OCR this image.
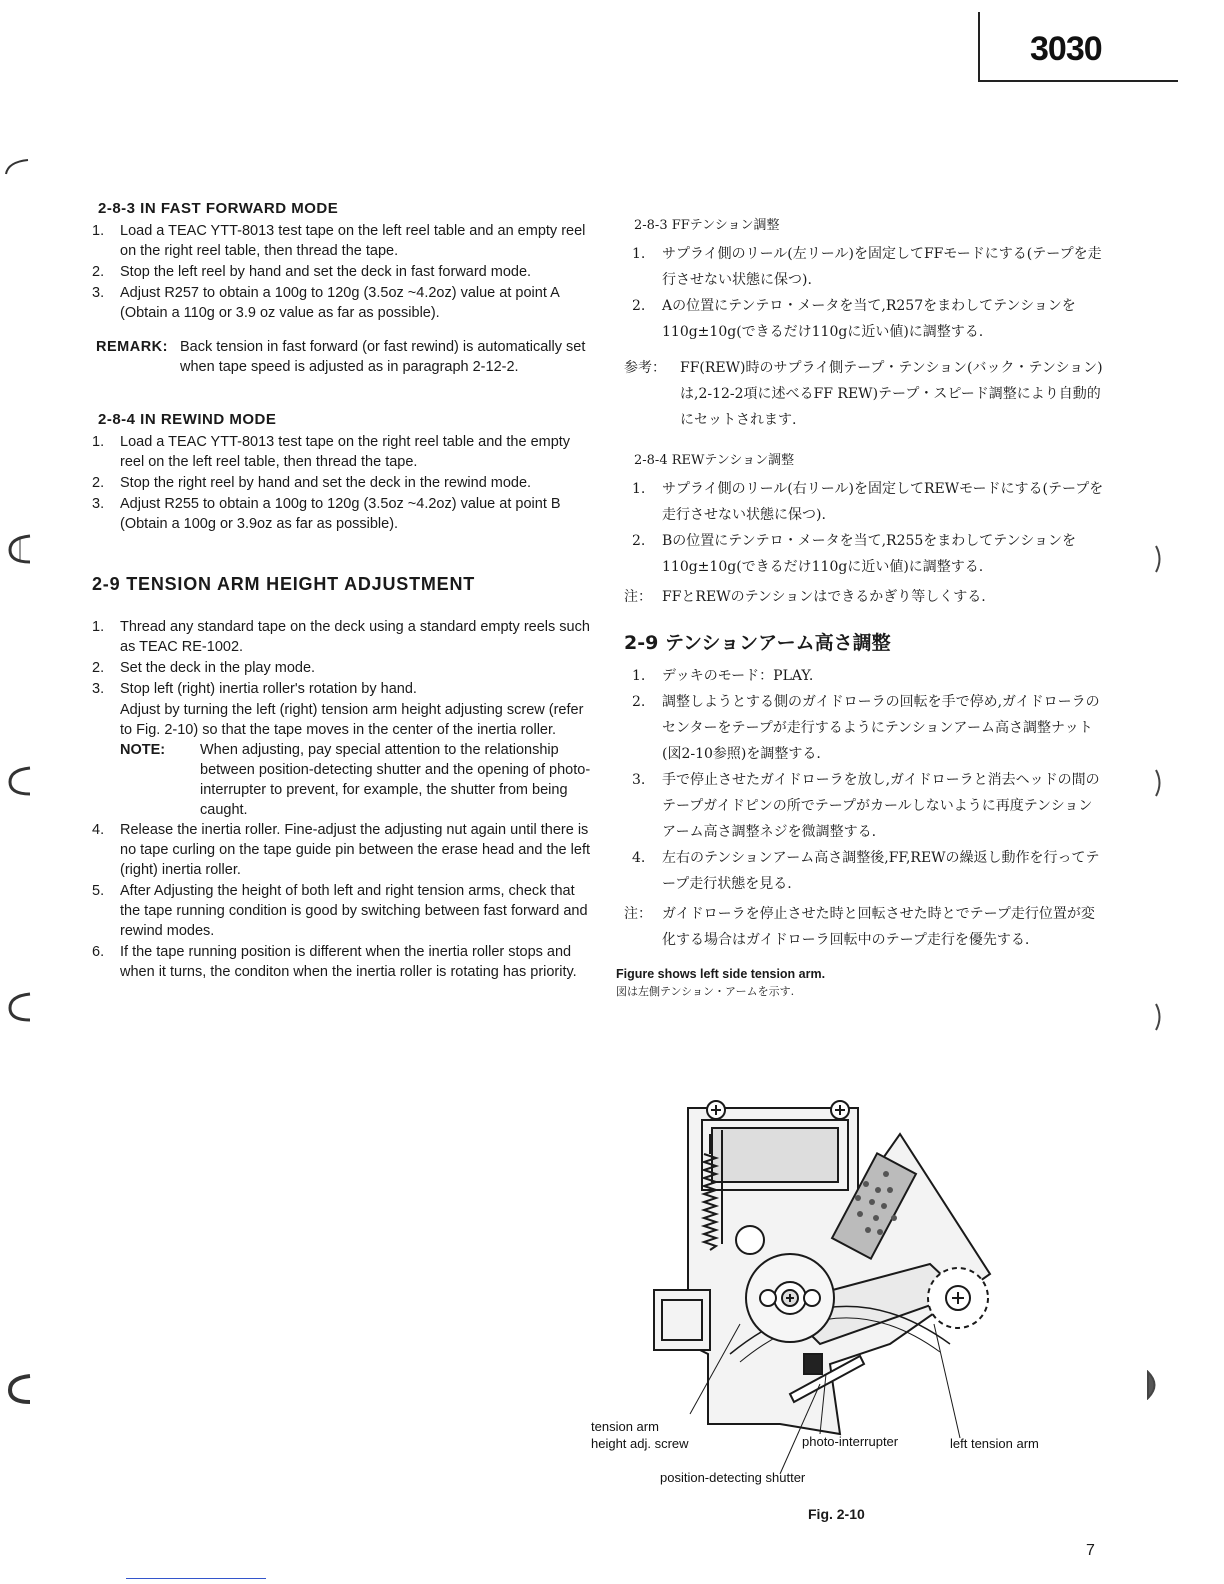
3030
2-8-3 IN FAST FORWARD MODE
1. Load a TEAC YTT-8013 test tape on the left reel table and an empty reel on the right reel table, then thread the tape.
2. Stop the left reel by hand and set the deck in fast forward mode.
3. Adjust R257 to obtain a 100g to 120g (3.5oz ~4.2oz) value at point A (Obtain a 110g or 3.9 oz value as far as possible).
REMARK: Back tension in fast forward (or fast rewind) is automatically set when tape speed is adjusted as in paragraph 2-12-2.
2-8-4 IN REWIND MODE
1. Load a TEAC YTT-8013 test tape on the right reel table and the empty reel on the left reel table, then thread the tape.
2. Stop the right reel by hand and set the deck in the rewind mode.
3. Adjust R255 to obtain a 100g to 120g (3.5oz ~4.2oz) value at point B (Obtain a 100g or 3.9oz as far as possible).
2-9 TENSION ARM HEIGHT ADJUSTMENT
1. Thread any standard tape on the deck using a standard empty reels such as TEAC RE-1002.
2. Set the deck in the play mode.
3. Stop left (right) inertia roller's rotation by hand.
Adjust by turning the left (right) tension arm height adjusting screw (refer to Fig. 2-10) so that the tape moves in the center of the inertia roller.
NOTE: When adjusting, pay special attention to the relationship between position-detecting shutter and the opening of photo-interrupter to prevent, for example, the shutter from being caught.
4. Release the inertia roller. Fine-adjust the adjusting nut again until there is no tape curling on the tape guide pin between the erase head and the left (right) inertia roller.
5. After Adjusting the height of both left and right tension arms, check that the tape running condition is good by switching between fast forward and rewind modes.
6. If the tape running position is different when the inertia roller stops and when it turns, the conditon when the inertia roller is rotating has priority.
2-8-3 FFテンション調整
1. サプライ側のリール(左リール)を固定してFFモードにする(テープを走行させない状態に保つ).
2. Aの位置にテンテロ・メータを当て,R257をまわしてテンションを110g±10g(できるだけ110gに近い値)に調整する.
参考： FF(REW)時のサプライ側テープ・テンション(バック・テンション)は,2-12-2項に述べるFF REW)テープ・スピード調整により自動的にセットされます.
2-8-4 REWテンション調整
1. サプライ側のリール(右リール)を固定してREWモードにする(テープを走行させない状態に保つ).
2. Bの位置にテンテロ・メータを当て,R255をまわしてテンションを110g±10g(できるだけ110gに近い値)に調整する.
注： FFとREWのテンションはできるかぎり等しくする.
2-9 テンションアーム高さ調整
1. デッキのモード：PLAY.
2. 調整しようとする側のガイドローラの回転を手で停め,ガイドローラのセンターをテープが走行するようにテンションアーム高さ調整ナット(図2-10参照)を調整する.
3. 手で停止させたガイドローラを放し,ガイドローラと消去ヘッドの間のテープガイドピンの所でテープがカールしないように再度テンションアーム高さ調整ネジを微調整する.
4. 左右のテンションアーム高さ調整後,FF,REWの繰返し動作を行ってテープ走行状態を見る.
注： ガイドローラを停止させた時と回転させた時とでテープ走行位置が変化する場合はガイドローラ回転中のテープ走行を優先する.
Figure shows left side tension arm.
図は左側テンション・アームを示す.
tension arm
height adj. screw	photo-interrupter	left tension arm
position-detecting shutter
Fig. 2-10
7
